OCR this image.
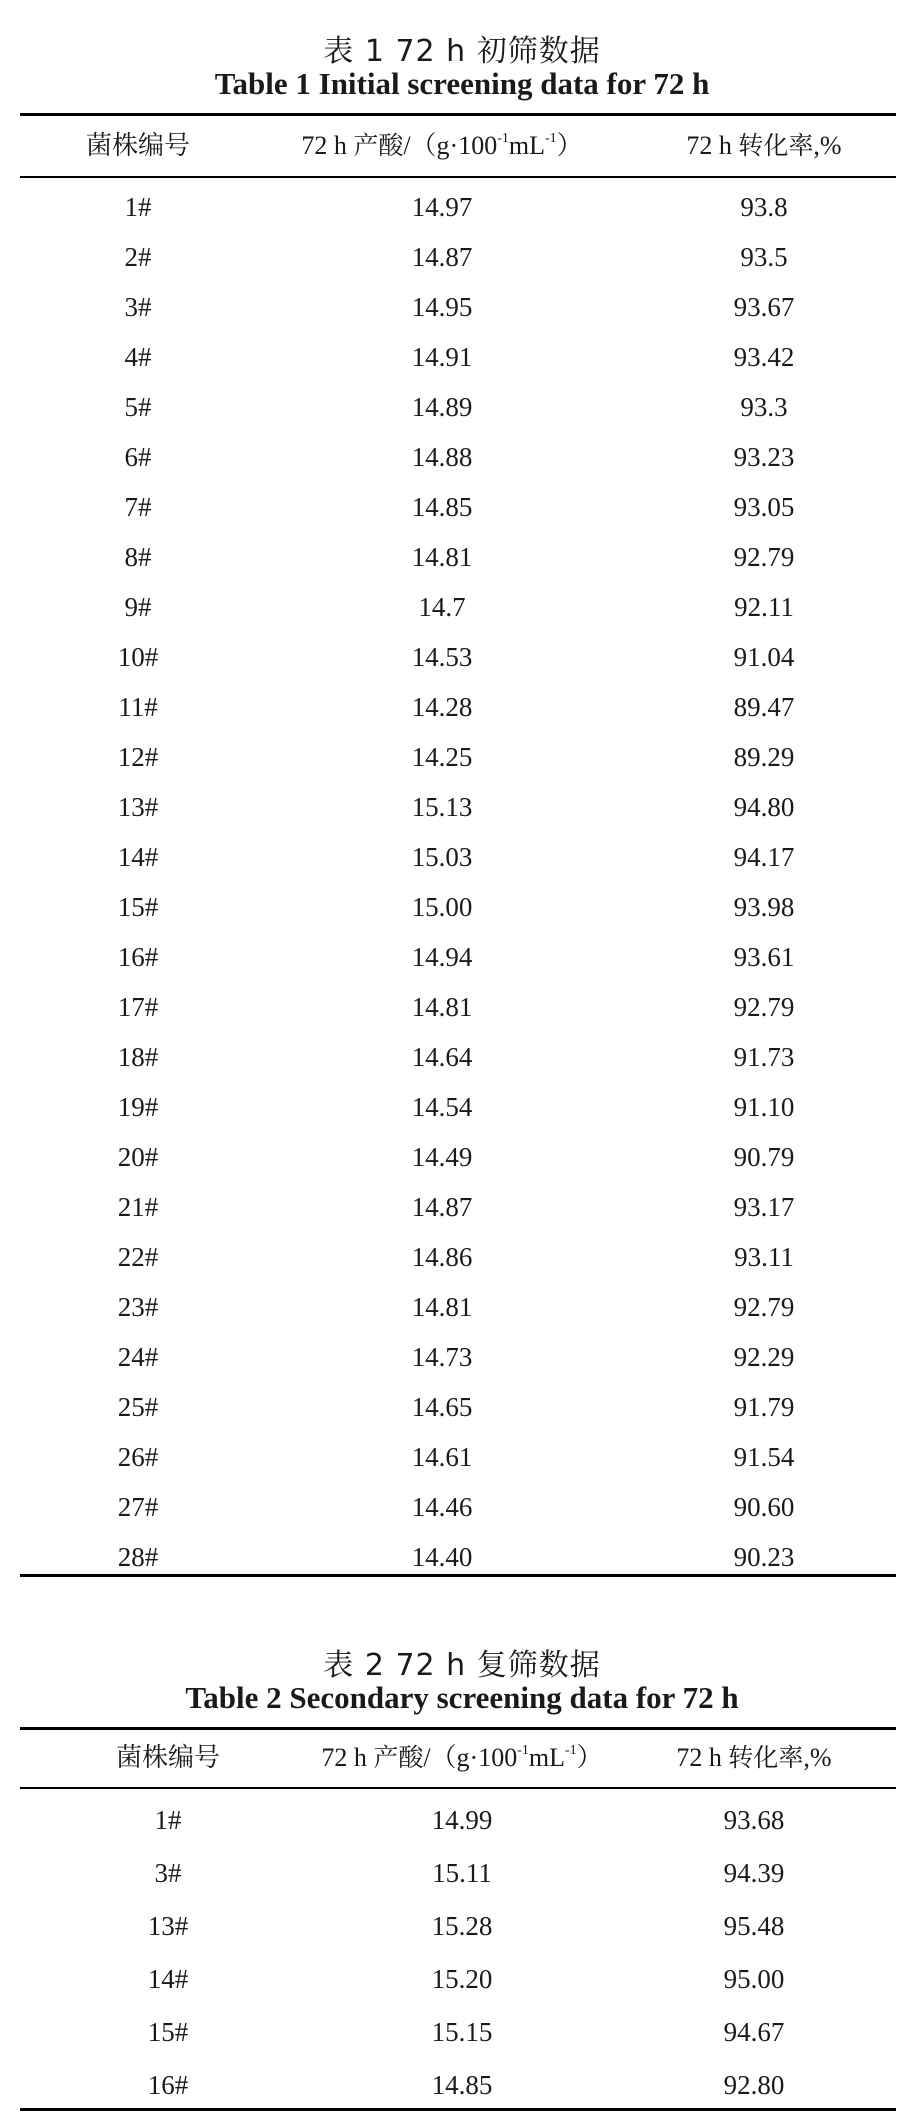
表 1 72 h 初筛数据
Table 1 Initial screening data for 72 h
菌株编号	72 h 产酸$/(g\cdot 100^{-1}mL^{-1})$	72 h 转化率,%
1#	14.97	93.8
2#	14.87	93.5
3#	14.95	93.67
4#	14.91	93.42
5#	14.89	93.3
6#	14.88	93.23
7#	14.85	93.05
8#	14.81	92.79
9#	14.7	92.11
10#	14.53	91.04
11#	14.28	89.47
12#	14.25	89.29
13#	15.13	94.80
14#	15.03	94.17
15#	15.00	93.98
16#	14.94	93.61
17#	14.81	92.79
18#	14.64	91.73
19#	14.54	91.10
20#	14.49	90.79
21#	14.87	93.17
22#	14.86	93.11
23#	14.81	92.79
24#	14.73	92.29
25#	14.65	91.79
26#	14.61	91.54
27#	14.46	90.60
28#	14.40	90.23
表 2 72 h 复筛数据
Table 2 Secondary screening data for 72 h
菌株编号	72 h 产酸$/(g\cdot 100^{-1}mL^{-1})$	72 h 转化率,%
1#	14.99	93.68
3#	15.11	94.39
13#	15.28	95.48
14#	15.20	95.00
15#	15.15	94.67
16#	14.85	92.80
